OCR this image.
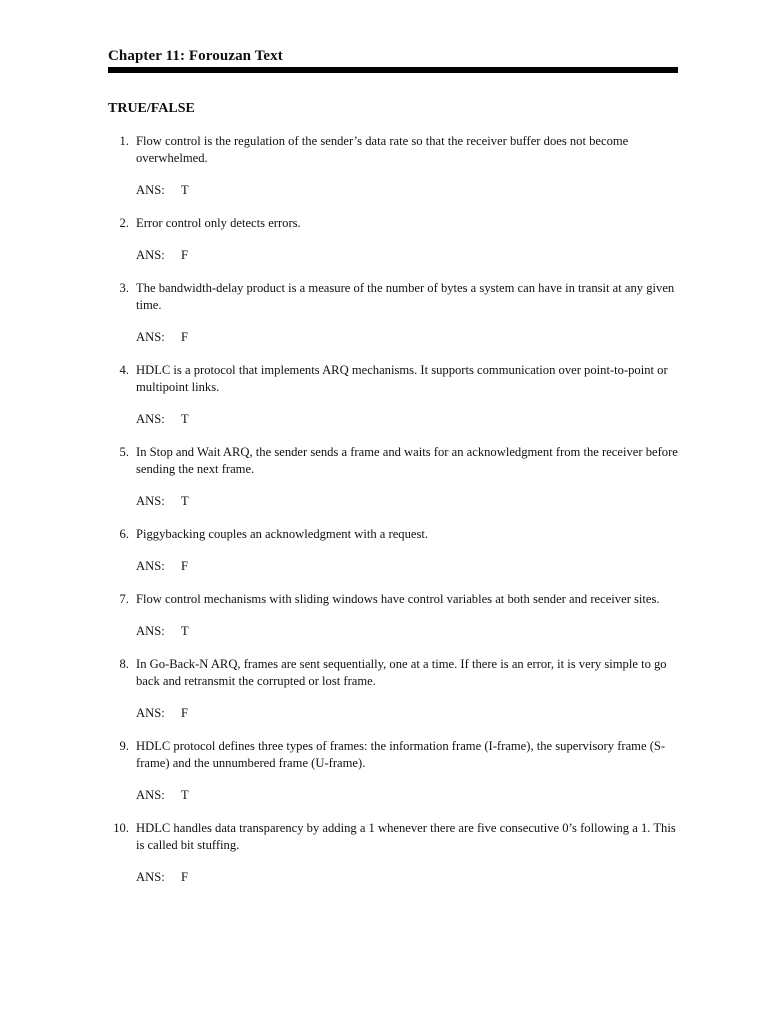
Chapter 11: Forouzan Text
TRUE/FALSE
1. Flow control is the regulation of the sender’s data rate so that the receiver buffer does not become overwhelmed.
ANS: T
2. Error control only detects errors.
ANS: F
3. The bandwidth-delay product is a measure of the number of bytes a system can have in transit at any given time.
ANS: F
4. HDLC is a protocol that implements ARQ mechanisms. It supports communication over point-to-point or multipoint links.
ANS: T
5. In Stop and Wait ARQ, the sender sends a frame and waits for an acknowledgment from the receiver before sending the next frame.
ANS: T
6. Piggybacking couples an acknowledgment with a request.
ANS: F
7. Flow control mechanisms with sliding windows have control variables at both sender and receiver sites.
ANS: T
8. In Go-Back-N ARQ, frames are sent sequentially, one at a time. If there is an error, it is very simple to go back and retransmit the corrupted or lost frame.
ANS: F
9. HDLC protocol defines three types of frames: the information frame (I-frame), the supervisory frame (S-frame) and the unnumbered frame (U-frame).
ANS: T
10. HDLC handles data transparency by adding a 1 whenever there are five consecutive 0’s following a 1. This is called bit stuffing.
ANS: F
